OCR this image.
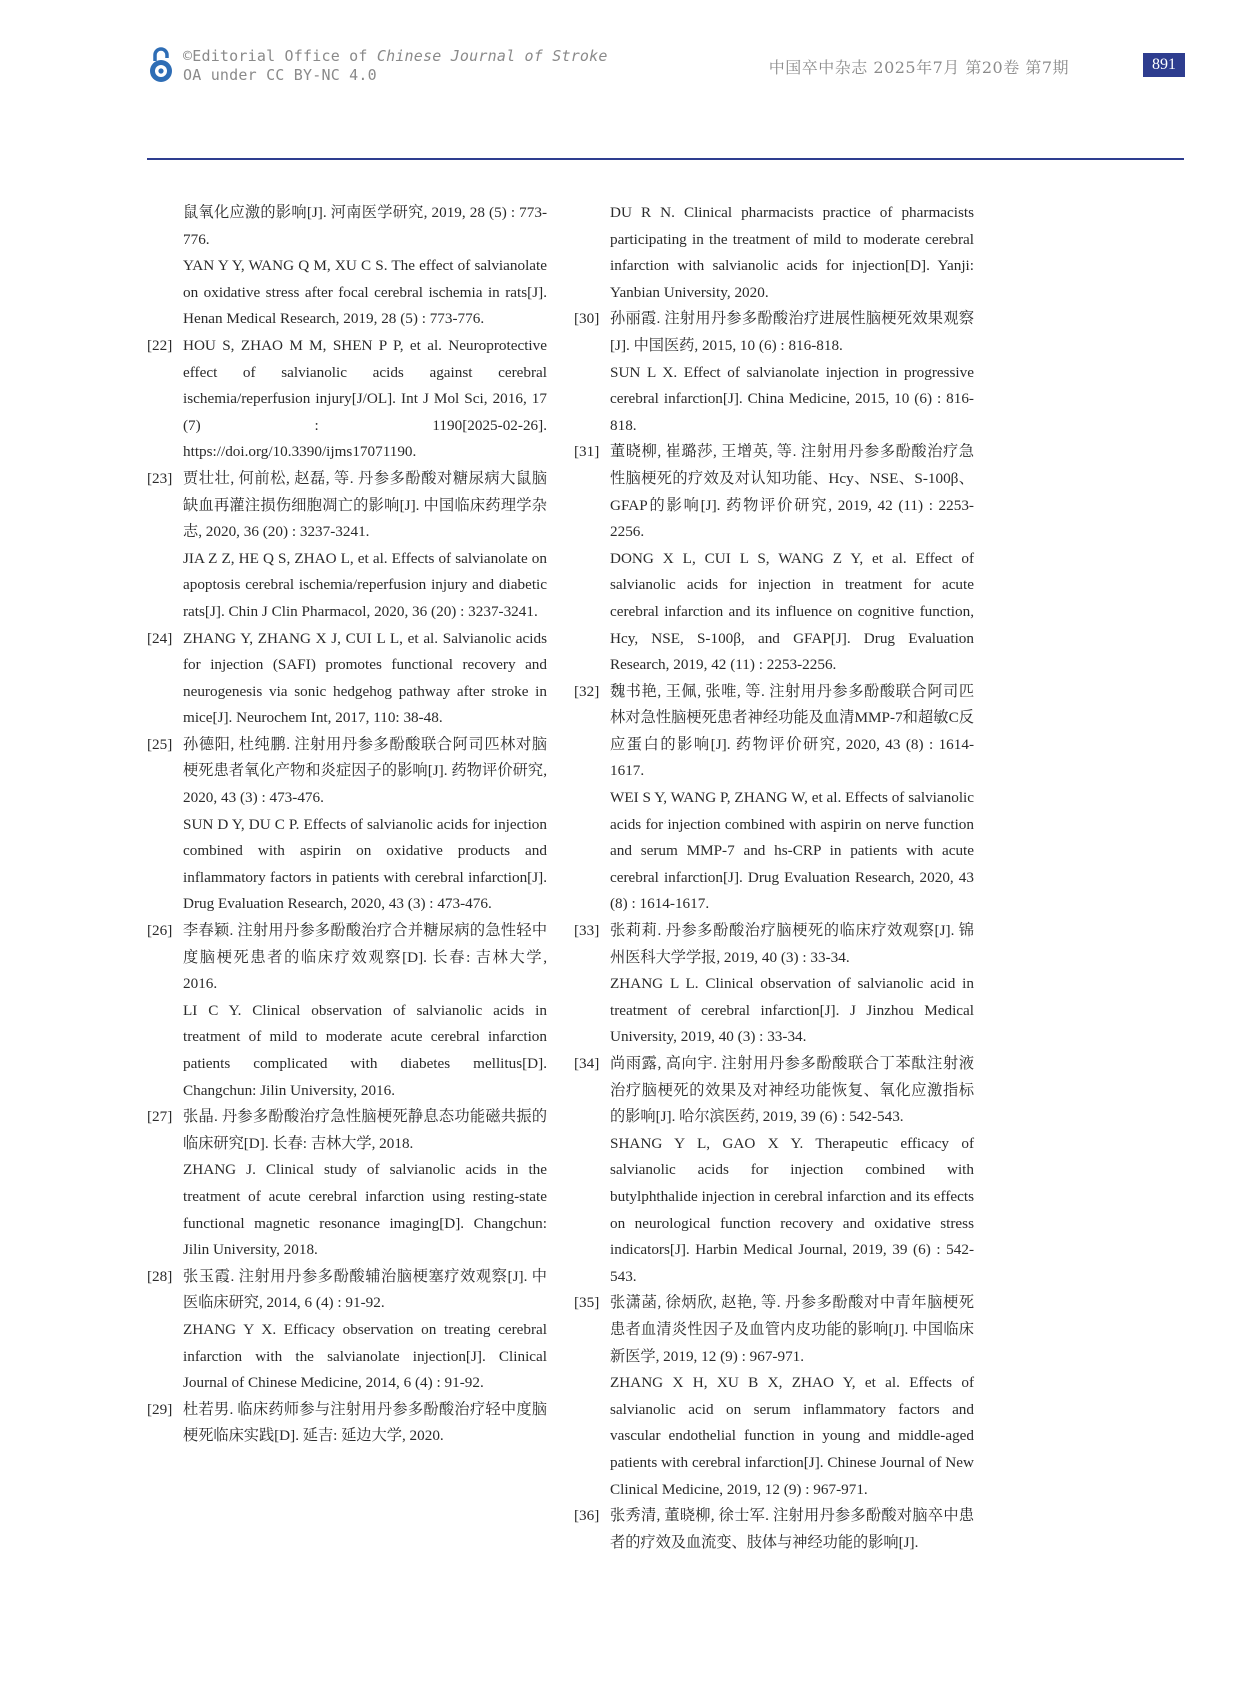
©Editorial Office of Chinese Journal of Stroke
OA under CC BY-NC 4.0	中国卒中杂志 2025年7月 第20卷 第7期	891

鼠氧化应激的影响[J]. 河南医学研究, 2019, 28 (5) : 773-776.

YAN Y Y, WANG Q M, XU C S. The effect of salvianolate on oxidative stress after focal cerebral ischemia in rats[J]. Henan Medical Research, 2019, 28 (5) : 773-776.

[22] HOU S, ZHAO M M, SHEN P P, et al. Neuroprotective effect of salvianolic acids against cerebral ischemia/reperfusion injury[J/OL]. Int J Mol Sci, 2016, 17 (7) : 1190[2025-02-26]. https://doi.org/10.3390/ijms17071190.

[23] 贾壮壮, 何前松, 赵磊, 等. 丹参多酚酸对糖尿病大鼠脑缺血再灌注损伤细胞凋亡的影响[J]. 中国临床药理学杂志, 2020, 36 (20) : 3237-3241.

JIA Z Z, HE Q S, ZHAO L, et al. Effects of salvianolate on apoptosis cerebral ischemia/reperfusion injury and diabetic rats[J]. Chin J Clin Pharmacol, 2020, 36 (20) : 3237-3241.

[24] ZHANG Y, ZHANG X J, CUI L L, et al. Salvianolic acids for injection (SAFI) promotes functional recovery and neurogenesis via sonic hedgehog pathway after stroke in mice[J]. Neurochem Int, 2017, 110: 38-48.

[25] 孙德阳, 杜纯鹏. 注射用丹参多酚酸联合阿司匹林对脑梗死患者氧化产物和炎症因子的影响[J]. 药物评价研究, 2020, 43 (3) : 473-476.

SUN D Y, DU C P. Effects of salvianolic acids for injection combined with aspirin on oxidative products and inflammatory factors in patients with cerebral infarction[J]. Drug Evaluation Research, 2020, 43 (3) : 473-476.

[26] 李春颖. 注射用丹参多酚酸治疗合并糖尿病的急性轻中度脑梗死患者的临床疗效观察[D]. 长春: 吉林大学, 2016.

LI C Y. Clinical observation of salvianolic acids in treatment of mild to moderate acute cerebral infarction patients complicated with diabetes mellitus[D]. Changchun: Jilin University, 2016.

[27] 张晶. 丹参多酚酸治疗急性脑梗死静息态功能磁共振的临床研究[D]. 长春: 吉林大学, 2018.

ZHANG J. Clinical study of salvianolic acids in the treatment of acute cerebral infarction using resting-state functional magnetic resonance imaging[D]. Changchun: Jilin University, 2018.

[28] 张玉霞. 注射用丹参多酚酸辅治脑梗塞疗效观察[J]. 中医临床研究, 2014, 6 (4) : 91-92.

ZHANG Y X. Efficacy observation on treating cerebral infarction with the salvianolate injection[J]. Clinical Journal of Chinese Medicine, 2014, 6 (4) : 91-92.

[29] 杜若男. 临床药师参与注射用丹参多酚酸治疗轻中度脑梗死临床实践[D]. 延吉: 延边大学, 2020.

DU R N. Clinical pharmacists practice of pharmacists participating in the treatment of mild to moderate cerebral infarction with salvianolic acids for injection[D]. Yanji: Yanbian University, 2020.

[30] 孙丽霞. 注射用丹参多酚酸治疗进展性脑梗死效果观察[J]. 中国医药, 2015, 10 (6) : 816-818.

SUN L X. Effect of salvianolate injection in progressive cerebral infarction[J]. China Medicine, 2015, 10 (6) : 816-818.

[31] 董晓柳, 崔璐莎, 王增英, 等. 注射用丹参多酚酸治疗急性脑梗死的疗效及对认知功能、Hcy、NSE、S-100β、GFAP的影响[J]. 药物评价研究, 2019, 42 (11) : 2253-2256.

DONG X L, CUI L S, WANG Z Y, et al. Effect of salvianolic acids for injection in treatment for acute cerebral infarction and its influence on cognitive function, Hcy, NSE, S-100β, and GFAP[J]. Drug Evaluation Research, 2019, 42 (11) : 2253-2256.

[32] 魏书艳, 王佩, 张唯, 等. 注射用丹参多酚酸联合阿司匹林对急性脑梗死患者神经功能及血清MMP-7和超敏C反应蛋白的影响[J]. 药物评价研究, 2020, 43 (8) : 1614-1617.

WEI S Y, WANG P, ZHANG W, et al. Effects of salvianolic acids for injection combined with aspirin on nerve function and serum MMP-7 and hs-CRP in patients with acute cerebral infarction[J]. Drug Evaluation Research, 2020, 43 (8) : 1614-1617.

[33] 张莉莉. 丹参多酚酸治疗脑梗死的临床疗效观察[J]. 锦州医科大学学报, 2019, 40 (3) : 33-34.

ZHANG L L. Clinical observation of salvianolic acid in treatment of cerebral infarction[J]. J Jinzhou Medical University, 2019, 40 (3) : 33-34.

[34] 尚雨露, 高向宇. 注射用丹参多酚酸联合丁苯酞注射液治疗脑梗死的效果及对神经功能恢复、氧化应激指标的影响[J]. 哈尔滨医药, 2019, 39 (6) : 542-543.

SHANG Y L, GAO X Y. Therapeutic efficacy of salvianolic acids for injection combined with butylphthalide injection in cerebral infarction and its effects on neurological function recovery and oxidative stress indicators[J]. Harbin Medical Journal, 2019, 39 (6) : 542-543.

[35] 张潇菡, 徐炳欣, 赵艳, 等. 丹参多酚酸对中青年脑梗死患者血清炎性因子及血管内皮功能的影响[J]. 中国临床新医学, 2019, 12 (9) : 967-971.

ZHANG X H, XU B X, ZHAO Y, et al. Effects of salvianolic acid on serum inflammatory factors and vascular endothelial function in young and middle-aged patients with cerebral infarction[J]. Chinese Journal of New Clinical Medicine, 2019, 12 (9) : 967-971.

[36] 张秀清, 董晓柳, 徐士军. 注射用丹参多酚酸对脑卒中患者的疗效及血流变、肢体与神经功能的影响[J].
